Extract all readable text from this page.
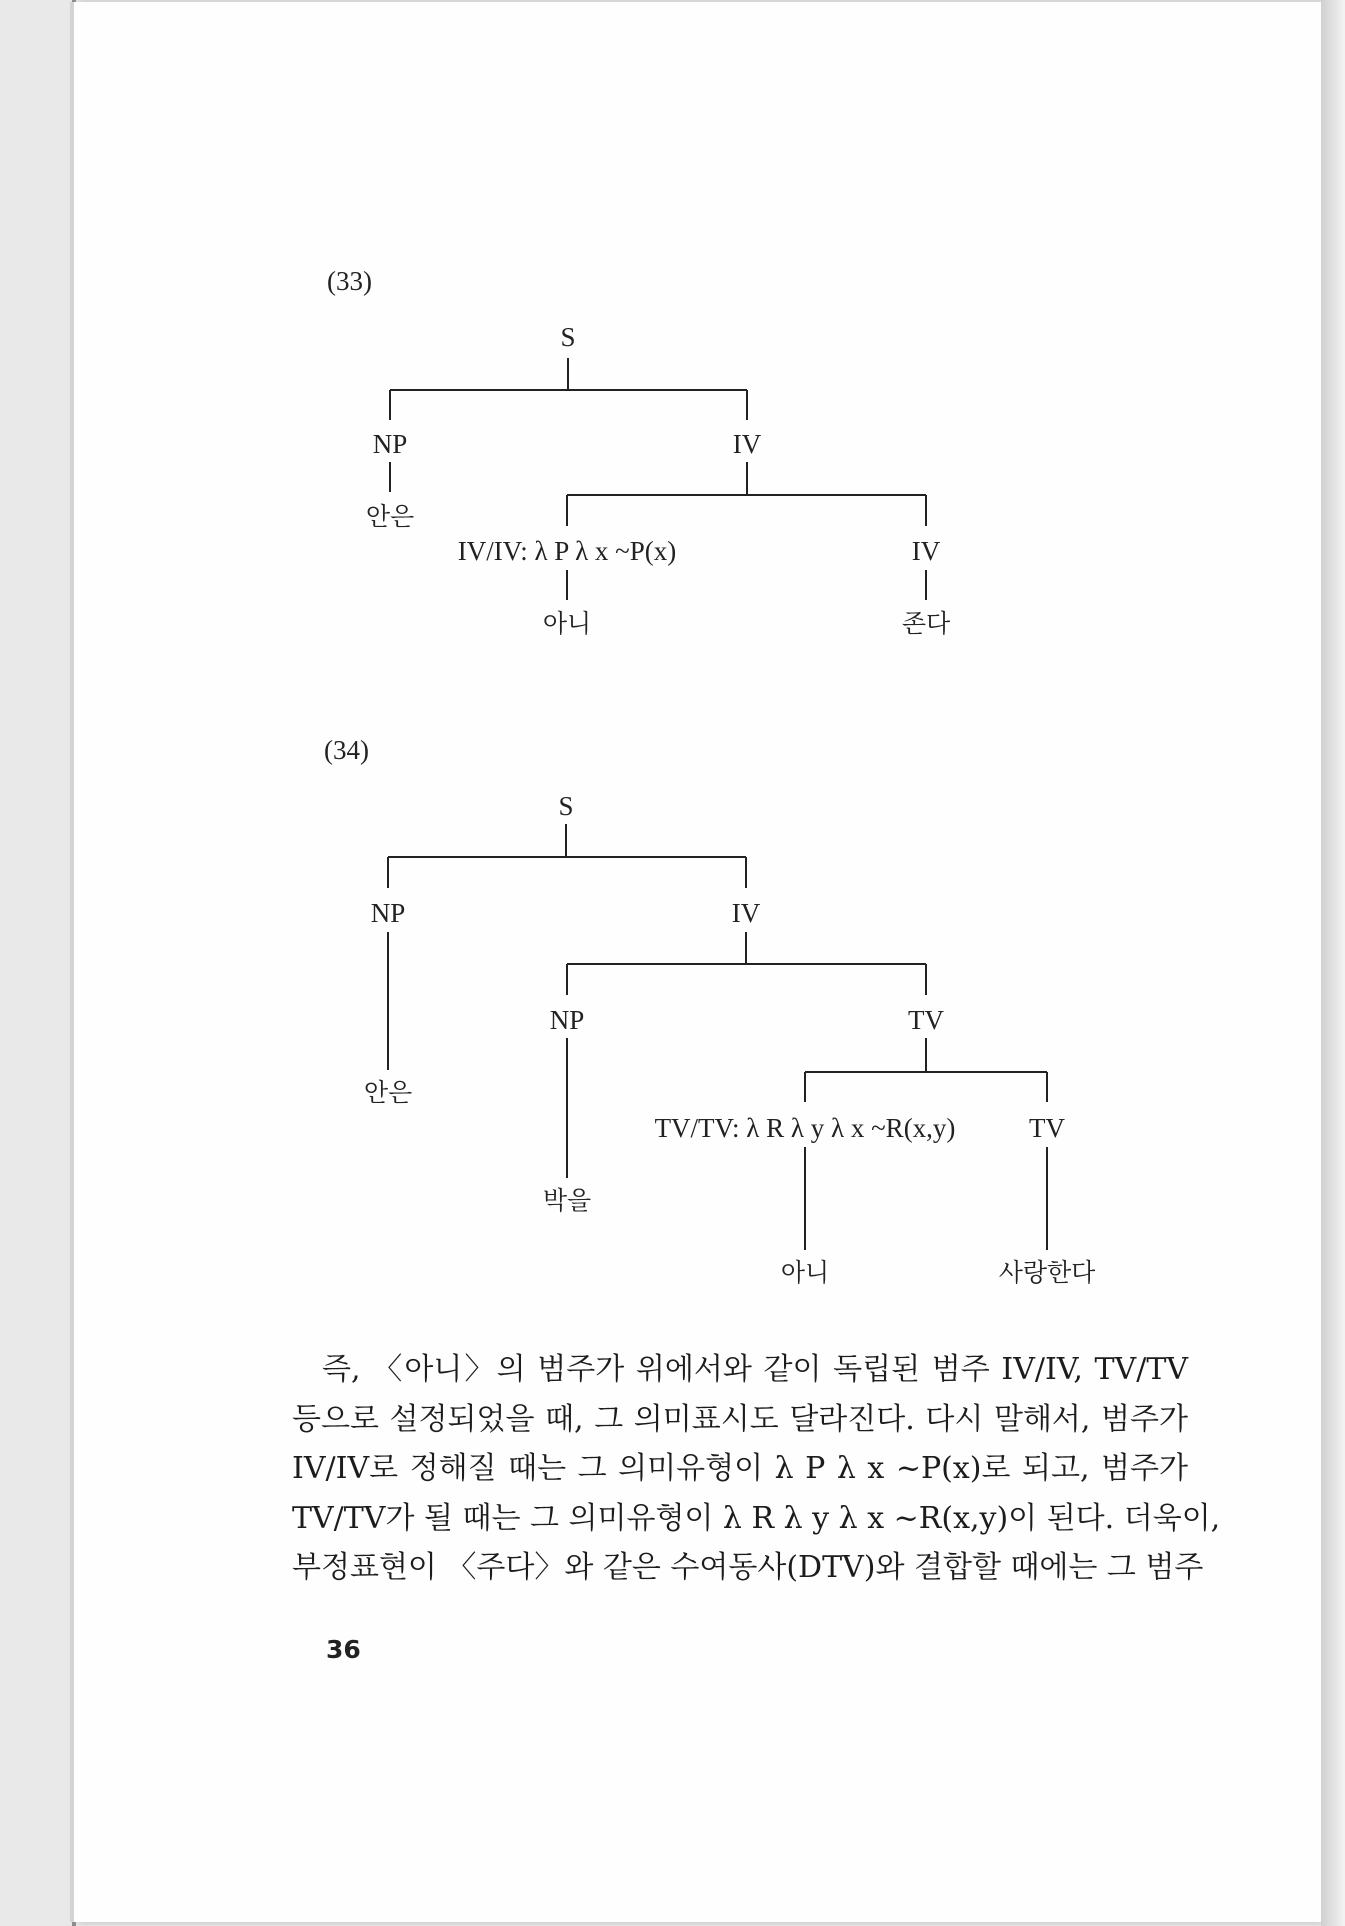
(33)
(34)
S
NP
안은
IV
IV/IV: λ P λ x ~P(x)
아니
IV
존다
S
NP
안은
IV
NP
박을
TV
TV/TV: λ R λ y λ x ~R(x,y)
아니
TV
사랑한다
즉, 〈아니〉의 범주가 위에서와 같이 독립된 범주 IV/IV, TV/TV
등으로 설정되었을 때, 그 의미표시도 달라진다. 다시 말해서, 범주가
IV/IV로 정해질 때는 그 의미유형이 λ P λ x ~P(x)로 되고, 범주가
TV/TV가 될 때는 그 의미유형이 λ R λ y λ x ~R(x,y)이 된다. 더욱이,
부정표현이 〈주다〉와 같은 수여동사(DTV)와 결합할 때에는 그 범주
36
